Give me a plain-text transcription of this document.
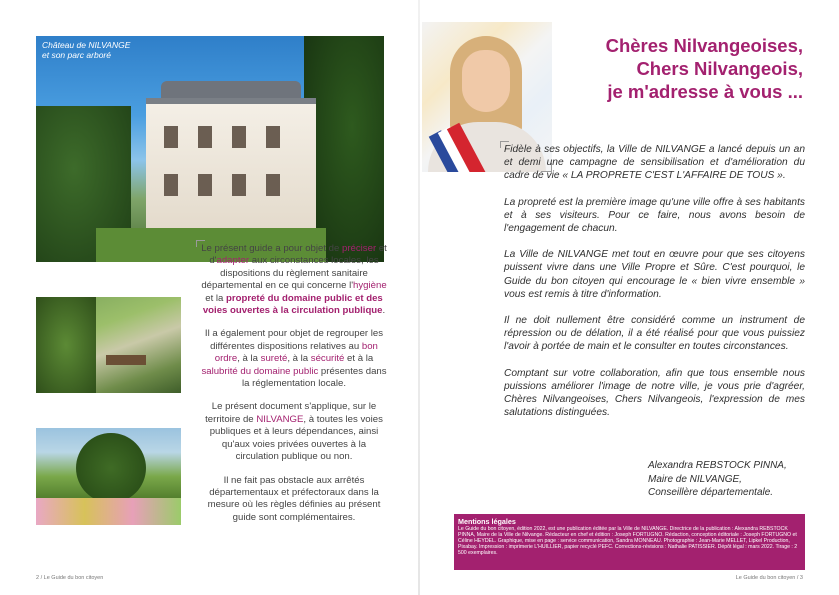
Château de NILVANGE
et son parc arboré

Le présent guide a pour objet de préciser et d'adapter aux circonstances locales, les dispositions du règlement sanitaire départemental en ce qui concerne l'hygiène et la propreté du domaine public et des voies ouvertes à la circulation publique.

Il a également pour objet de regrouper les différentes dispositions relatives au bon ordre, à la sureté, à la sécurité et à la salubrité du domaine public présentes dans la réglementation locale.

Le présent document s'applique, sur le territoire de NILVANGE, à toutes les voies publiques et à leurs dépendances, ainsi qu'aux voies privées ouvertes à la circulation publique ou non.

Il ne fait pas obstacle aux arrêtés départementaux et préfectoraux dans la mesure où les règles définies au présent guide sont complémentaires.

2 / Le Guide du bon citoyen
Chères Nilvangeoises,
Chers Nilvangeois,
je m'adresse à vous ...

Fidèle à ses objectifs, la Ville de NILVANGE a lancé depuis un an et demi une campagne de sensibilisation et d'amélioration du cadre de vie « LA PROPRETE C'EST L'AFFAIRE DE TOUS ».

La propreté est la première image qu'une ville offre à ses habitants et à ses visiteurs. Pour ce faire, nous avons besoin de l'engagement de chacun.

La Ville de NILVANGE met tout en œuvre pour que ses citoyens puissent vivre dans une Ville Propre et Sûre. C'est pourquoi, le Guide du bon citoyen qui encourage le « bien vivre ensemble » vous est remis à titre d'information.

Il ne doit nullement être considéré comme un instrument de répression ou de délation, il a été réalisé pour que vous puissiez l'avoir à portée de main et le consulter en toutes circonstances.

Comptant sur votre collaboration, afin que tous ensemble nous puissions améliorer l'image de notre ville, je vous prie d'agréer, Chères Nilvangeoises, Chers Nilvangeois, l'expression de mes salutations distinguées.

Alexandra REBSTOCK PINNA,
Maire de NILVANGE,
Conseillère départementale.
Mentions légales
Le Guide du bon citoyen, édition 2022, est une publication éditée par la Ville de NILVANGE. Directrice de la publication : Alexandra REBSTOCK PINNA, Maire de la Ville de Nilvange. Rédacteur en chef et édition : Joseph FORTUGNO. Rédaction, conception éditoriale : Joseph FORTUGNO et Céline HEYDEL. Graphique, mise en page : service communication, Sandra MONNEAU. Photographie : Jean-Marie MELLET, Lipkel Production, Pixabay. Impression : imprimerie L'HUILLIER, papier recyclé PEFC. Corrections-révisions : Nathalie PATISSIER. Dépôt légal : mars 2022. Tirage : 2 500 exemplaires.
Le Guide du bon citoyen / 3
